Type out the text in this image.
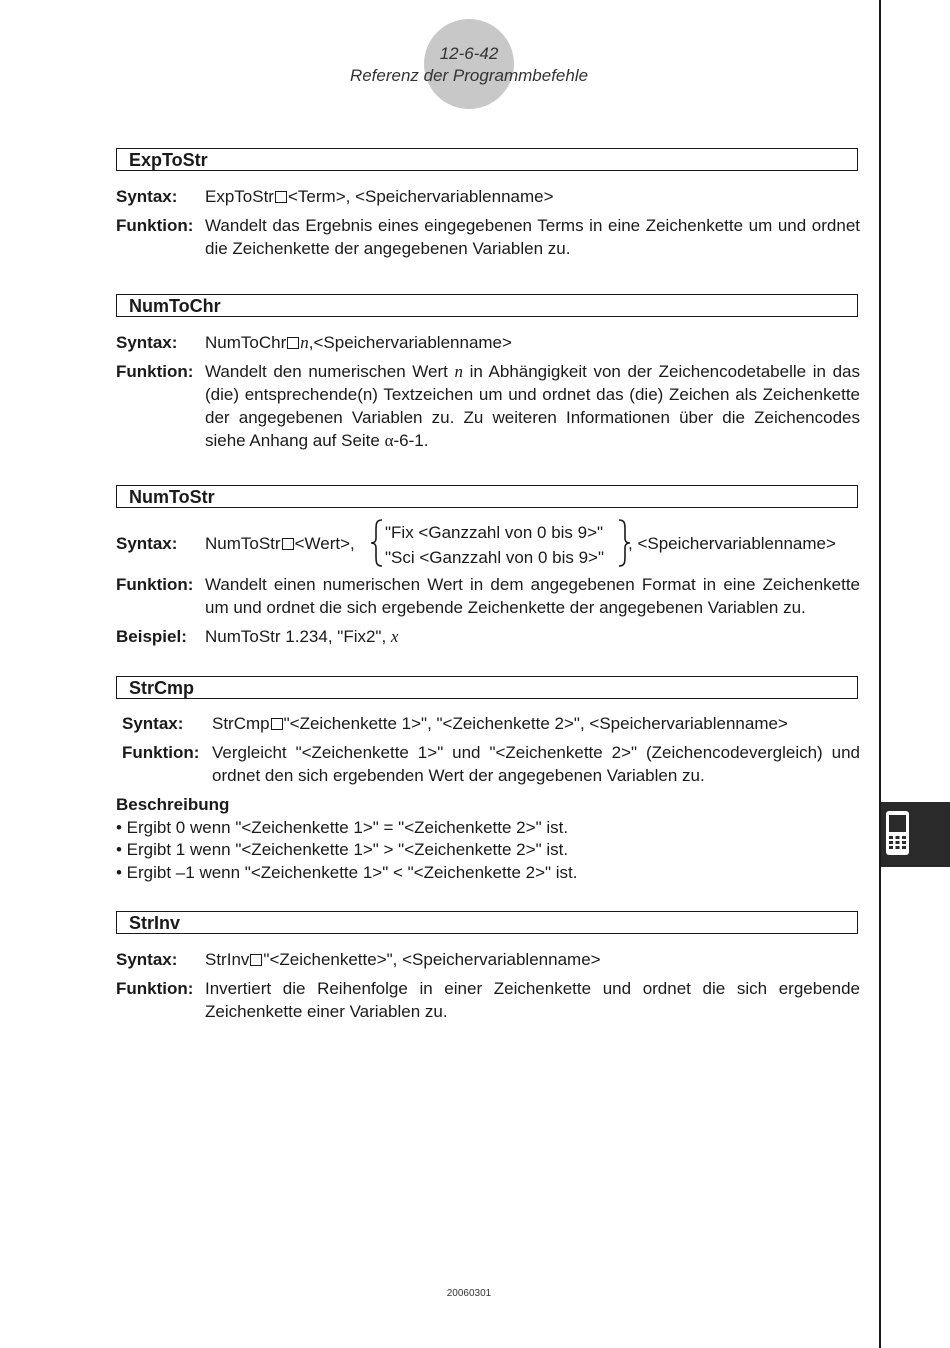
12-6-42
Referenz der Programmbefehle
ExpToStr
Syntax: ExpToStr <Term>, <Speichervariablenname>
Funktion: Wandelt das Ergebnis eines eingegebenen Terms in eine Zeichenkette um und ordnet die Zeichenkette der angegebenen Variablen zu.
NumToChr
Syntax: NumToChr n,<Speichervariablenname>
Funktion: Wandelt den numerischen Wert n in Abhängigkeit von der Zeichencodetabelle in das (die) entsprechende(n) Textzeichen um und ordnet das (die) Zeichen als Zeichenkette der angegebenen Variablen zu. Zu weiteren Informationen über die Zeichencodes siehe Anhang auf Seite α-6-1.
NumToStr
Syntax: NumToStr <Wert>,
"Fix <Ganzzahl von 0 bis 9>"
"Sci <Ganzzahl von 0 bis 9>"
, <Speichervariablenname>
Funktion: Wandelt einen numerischen Wert in dem angegebenen Format in eine Zeichenkette um und ordnet die sich ergebende Zeichenkette der angegebenen Variablen zu.
Beispiel: NumToStr 1.234, "Fix2", x
StrCmp
Syntax: StrCmp "<Zeichenkette 1>", "<Zeichenkette 2>", <Speichervariablenname>
Funktion: Vergleicht "<Zeichenkette 1>" und "<Zeichenkette 2>" (Zeichencodevergleich) und ordnet den sich ergebenden Wert der angegebenen Variablen zu.
Beschreibung
• Ergibt 0 wenn "<Zeichenkette 1>" = "<Zeichenkette 2>" ist.
• Ergibt 1 wenn "<Zeichenkette 1>" > "<Zeichenkette 2>" ist.
• Ergibt –1 wenn "<Zeichenkette 1>" < "<Zeichenkette 2>" ist.
StrInv
Syntax: StrInv "<Zeichenkette>", <Speichervariablenname>
Funktion: Invertiert die Reihenfolge in einer Zeichenkette und ordnet die sich ergebende Zeichenkette einer Variablen zu.
20060301
